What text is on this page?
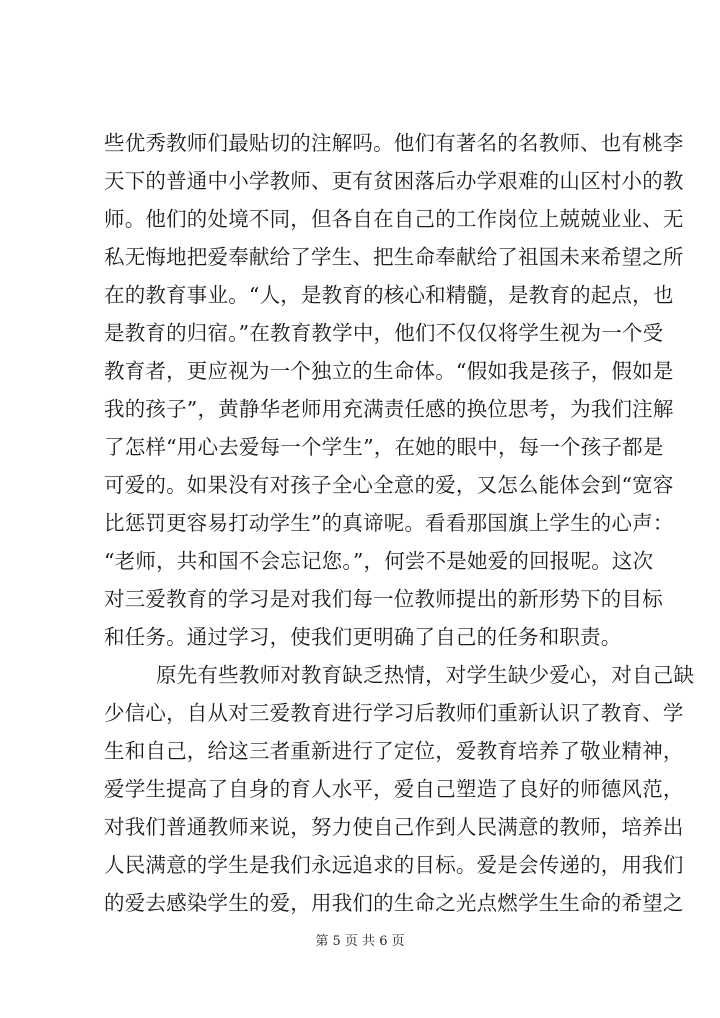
些优秀教师们最贴切的注解吗。他们有著名的名教师、也有桃李
天下的普通中小学教师、更有贫困落后办学艰难的山区村小的教
师。他们的处境不同，但各自在自己的工作岗位上兢兢业业、无
私无悔地把爱奉献给了学生、把生命奉献给了祖国未来希望之所
在的教育事业。“人，是教育的核心和精髓，是教育的起点，也
是教育的归宿。”在教育教学中，他们不仅仅将学生视为一个受
教育者，更应视为一个独立的生命体。“假如我是孩子，假如是
我的孩子”，黄静华老师用充满责任感的换位思考，为我们注解
了怎样“用心去爱每一个学生”，在她的眼中，每一个孩子都是
可爱的。如果没有对孩子全心全意的爱，又怎么能体会到“宽容
比惩罚更容易打动学生”的真谛呢。看看那国旗上学生的心声：
“老师，共和国不会忘记您。”，何尝不是她爱的回报呢。这次
对三爱教育的学习是对我们每一位教师提出的新形势下的目标
和任务。通过学习，使我们更明确了自己的任务和职责。
原先有些教师对教育缺乏热情，对学生缺少爱心，对自己缺
少信心，自从对三爱教育进行学习后教师们重新认识了教育、学
生和自己，给这三者重新进行了定位，爱教育培养了敬业精神，
爱学生提高了自身的育人水平，爱自己塑造了良好的师德风范，
对我们普通教师来说，努力使自己作到人民满意的教师，培养出
人民满意的学生是我们永远追求的目标。爱是会传递的，用我们
的爱去感染学生的爱，用我们的生命之光点燃学生生命的希望之
第 5 页 共 6 页
